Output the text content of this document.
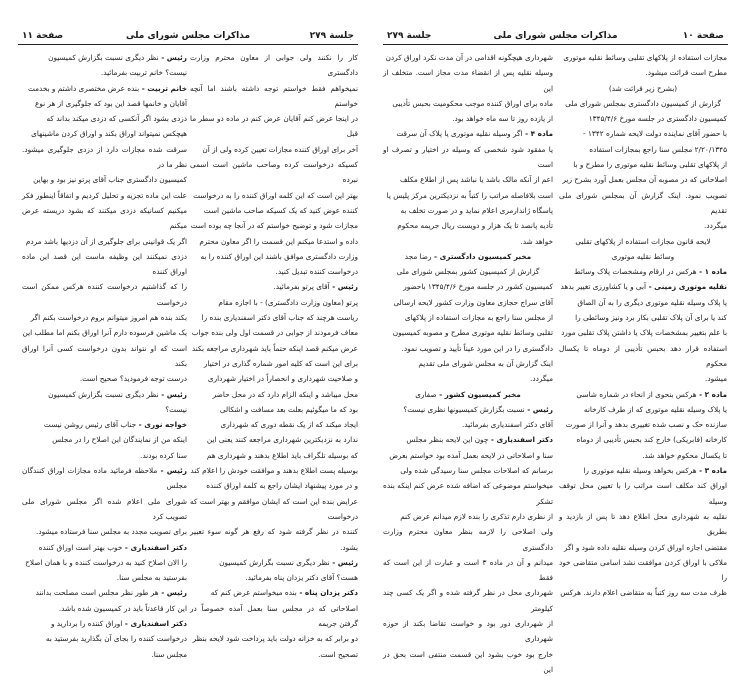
جلسة ۲۷۹
مذاکرات مجلس شورای ملی
صفحة ۱۱

کار را نکنند ولی جوابی از معاون محترم وزارت دادگستری

نمیخواهم فقط خواستم توجه داشته باشند اما آنچه خواستم

در اینجا عرض کنم آقایان عرض کنم در ماده دو سطر ما قبل

آخر برای اوراق کننده مجازات تعیین کرده ولی از آن

کسیکه درخواست کرده وصاحب ماشین است اسمی نبرده

بهتر این است که این کلمه اوراق کننده را به درخواست

کننده عوض کنید که یک کسیکه صاحب ماشین است

مجازات شود و توضیح خواستم که در آنجا چه بوده است

داده و استدعا میکنم این قسمت را اگر معاون محترم

وزارت دادگستری موافق باشند این اوراق کننده را به

درخواست کننده تبدیل کنید.

رئیس - آقای پرتو بفرمائید.

پرتو (معاون وزارت دادگستری) - با اجازه مقام

ریاست هرچند که جناب آقای دکتر اسفندیاری بنده را

معاف فرمودند از جوابی در قسمت اول ولی بنده جواب

عرض میکنم قصد اینکه حتماً باید شهرداری مراجعه بکند

برای این است که کلیه امور شماره گذاری در اختیار

و صلاحیت شهرداری و انحصاراً در اختیار شهرداری

محل میباشد و اینکه الزام دارد که در محل حاضر

بود که ما میگوئیم بعلت بعد مسافت و اشکالی

ایجاد میکند که از یک نقطه دوری که شهرداری

ندارد به نزدیکترین شهرداری مراجعه کنند یعنی این

که بوسیله تلگراف باید اطلاع بدهند و شهرداری هم

بوسیله پست اطلاع بدهند و موافقت خودش را اعلام کند

و در مورد پیشنهاد ایشان راجع به کلمه اوراق کننده

عرایض بنده این است که ایشان موافقم و بهتر است که درخواست

کننده در نظر گرفته شود که رفع هر گونه سوء تعبیر بشود.

رئیس - نظر دیگری نسبت بگزارش کمیسیون

هست؟ آقای دکتر یزدان پناه بفرمائید.

دکتر یزدان پناه - بنده میخواستم عرض کنم که

اصلاحاتی که در مجلس سنا بعمل آمده خصوصاً در گرفتن جریمه

دو برابر که به خزانه دولت باید پرداخت شود لایحه بنظر

تصحیح است.

رئیس - نظر دیگری نسبت بگزارش کمیسیون

نیست؟ خانم تربیت بفرمائید.

خانم تربیت - بنده عرض مختصری داشتم و بخدمت

آقایان و خانمها قصد این بود که جلوگیری از هر نوع

دزدی بشود اگر آنکسی که دزدی میکند بداند که

هیچکس نمیتواند اوراق بکند و اوراق کردن ماشینهای

سرقت شده مجازات دارد از دزدی جلوگیری میشود. نظر ما در

کمیسیون دادگستری جناب آقای پرتو نیز بود و بهاین

علت این ماده تجزیه و تحلیل کردیم و اتفاقاً اینطور فکر

میکنیم کسانیکه دزدی میکنند که بشود دریسته عرض میکنم

اگر یک قوانینی برای جلوگیری از آن دزدیها باشد مردم

دزدی نمیکنند این وظیفه ماست این قصد این ماده اوراق کننده

را که گذاشتیم درخواست کننده هرکس ممکن است درخواست

بکند بنده هم امروز میتوانم بروم درخواست بکنم اگر

یک ماشین فرسوده دارم آنرا اوراق بکنم اما مطلب این

است که او نتواند بدون درخواست کسی آنرا اوراق بکند

درست توجه فرمودید؟ صحیح است.

رئیس - نظر دیگری نسبت بگزارش کمیسیون

نیست؟

خواجه نوری - جناب آقای رئیس روشن نیست

اینکه من از نمایندگان این اصلاح را در مجلس

سنا کرده بودند.

رئیس - ملاحظه فرمائید ماده مجازات اوراق کنندگان مجلس

شورای ملی اعلام شده اگر مجلس شورای ملی تصویب کرد

برای تصویب مجدد به مجلس سنا فرستاده میشود.

دکتر اسفندیاری - خوب بهتر است اوراق کننده

را الان اصلاح کنید به درخواست کننده و با همان اصلاح

بفرستید به مجلس سنا.

رئیس - هر طور نظر مجلس است مصلحت بدانند

این کار قاعدتاً باید در کمیسیون شده باشد.

دکتر اسفندیاری - اوراق کننده را بردارید و

درخواست کننده را بجای آن بگذارید بفرستید به

مجلس سنا.

صفحة ۱۰
مذاکرات مجلس شورای ملی
جلسة ۲۷۹

مجازات استفاده از پلاکهای تقلبی وسائط نقلیه موتوری

مطرح است قرائت میشود.

(بشرح زیر قرائت شد)

گزارش از کمیسیون دادگستری بمجلس شورای ملی

کمیسیون دادگستری در جلسه مورخ ۱۳۴۵/۴/۶

با حضور آقای نماینده دولت لایحه شماره ۱۳۴۲ -

۲/۲۰/۱۳۴۵ مجلس سنا راجع بمجازات استفاده

از پلاکهای تقلبی وسائط نقلیه موتوری را مطرح و با

اصلاحاتی که در مصوبه آن مجلس بعمل آورد بشرح زیر

تصویب نمود. اینک گزارش آن بمجلس شورای ملی تقدیم

میگردد.

لایحه قانون مجازات استفاده از پلاکهای تقلبی

وسائط نقلیه موتوری

ماده ۱ - هرکس در ارقام ومشخصات پلاک وسائط

نقلیه موتوری زمینی - آبی و یا کشاورزی تغییر بدهد

یا پلاک وسیله نقلیه موتوری دیگری را به آن الصاق

کند یا برای آن پلاک تقلبی بکار برد ونیز وسائطی را

با علم بتغییر بمشخصات پلاک یا داشتن پلاک تقلبی مورد

استفاده قرار دهد بحبس تأدیبی از دوماه تا یکسال محکوم

میشود.

ماده ۲ - هرکس بنحوی از انحاء در شماره شاسی

یا پلاک وسیله نقلیه موتوری که از طرف کارخانه

سازنده حک و نصب شده تغییری بدهد و آنرا از صورت

کارخانه (فابریکی) خارج کند بحبس تأدیبی از دوماه

تا یکسال محکوم خواهد شد.

ماده ۳ - هرکس بخواهد وسیله نقلیه موتوری را

اوراق کند مکلف است مراتب را با تعیین محل توقف وسیله

نقلیه به شهرداری محل اطلاع دهد تا پس از بازدید و بطریق

مقتضی اجازه اوراق کردن وسیله نقلیه داده شود و اگر

ملاکی با اوراق کردن موافقت نشد اسامی متقاضی خود را

ظرف مدت سه روز کتباً به متقاضی اعلام دارند. هرکس

شهرداری هیچگونه اقدامی در آن مدت نکرد اوراق کردن

وسیله نقلیه پس از انقضاء مدت مجاز است. متخلف از این

ماده برای اوراق کننده موجب محکومیت بحبس تأدیبی

از یازده روز تا سه ماه خواهد بود.

ماده ۴ - اگر وسیله نقلیه موتوری یا پلاک آن سرقت

یا مفقود شود شخصی که وسیله در اختیار و تصرف او است

اعم از آنکه مالک باشد یا نباشد پس از اطلاع مکلف

است بلافاصله مراتب را کتباً به نزدیکترین مرکز پلیس یا

پاسگاه ژاندارمری اعلام نماید و در صورت تخلف به

تأدیه پانصد تا یک هزار و دویست ریال جریمه محکوم

خواهد شد.

مخبر کمیسیون دادگستری - رضا مجد

گزارش از کمیسیون کشور بمجلس شورای ملی

کمیسیون کشور در جلسه مورخ ۱۳۴۵/۴/۶ باحضور

آقای سراج حجازی معاون وزارت کشور لایحه ارسالی

از مجلس سنا راجع به مجازات استفاده از پلاکهای

تقلبی وسائط نقلیه موتوری مطرح و مصوبه کمیسیون

دادگستری را در این مورد عیناً تأیید و تصویب نمود.

اینک گزارش آن به مجلس شورای ملی تقدیم

میگردد.

مخبر کمیسیون کشور - صفاری

رئیس - نسبت بگزارش کمیسیونها نظری نیست؟

آقای دکتر اسفندیاری بفرمائید.

دکتر اسفندیاری - چون این لایحه بنظر مجلس

سنا و اصلاحاتی در لایحه بعمل آمده بود خواستم بعرض

برسانم که اصلاحات مجلس سنا رسیدگی شده ولی

میخواستم موضوعی که اضافه شده عرض کنم اینکه بنده تشکر

از نظری دارم تذکری را بنده لازم میدانم عرض کنم

ولی اصلاحی را لازمه بنظر معاون محترم وزارت دادگستری

میدانم و آن در ماده ۳ است و عبارت از این است که فقط

شهرداری محل در نظر گرفته شده و اگر یک کسی چند کیلومتر

از شهرداری دور بود و خواست تقاضا بکند از حوزه شهرداری

خارج بود خوب بشود این قسمت منتفی است بحق در این
